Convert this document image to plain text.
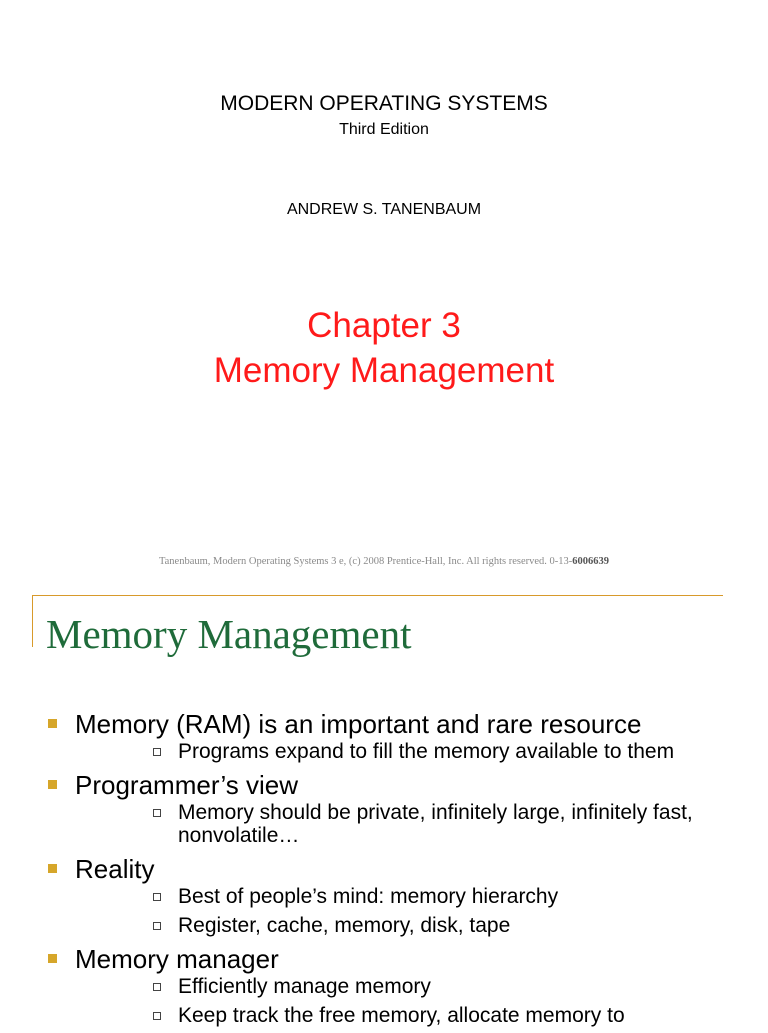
MODERN OPERATING SYSTEMS
Third Edition
ANDREW S. TANENBAUM
Chapter 3
Memory Management
Tanenbaum, Modern Operating Systems 3 e, (c) 2008 Prentice-Hall, Inc. All rights reserved. 0-13-6006639
Memory Management
Memory (RAM) is an important and rare resource
Programs expand to fill the memory available to them
Programmer’s view
Memory should be private, infinitely large, infinitely fast, nonvolatile…
Reality
Best of people’s mind: memory hierarchy
Register, cache, memory, disk, tape
Memory manager
Efficiently manage memory
Keep track the free memory, allocate memory to
